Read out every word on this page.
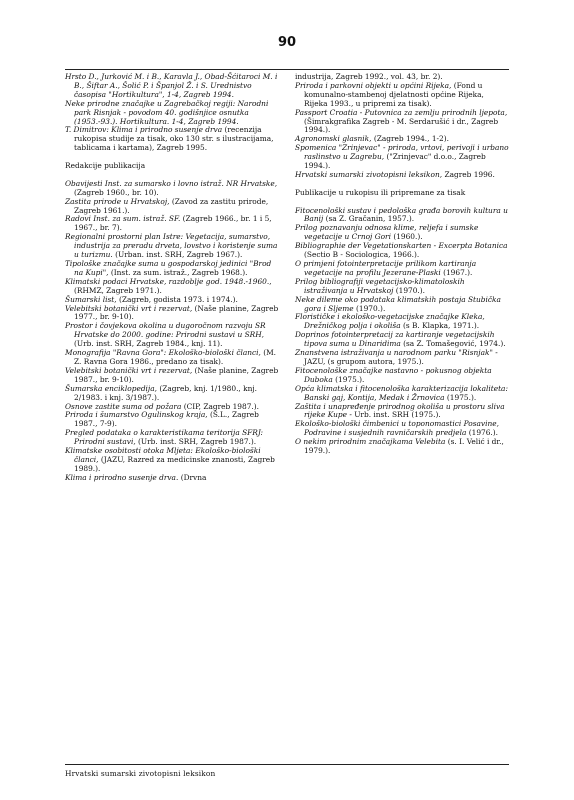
90

Hrsto D., Jurković M. i B., Karavla J., Obad-Šćitaroci M. i B., Šiftar A., Šolić P. i Španjol Ž. i S. Urednistvo časopisa "Hortikultura", 1-4, Zagreb 1994.

Neke prirodne značajke u Zagrebačkoj regiji: Narodni park Risnjak - povodom 40. godišnjice osnutka (1953.-93.). Hortikultura. 1-4, Zagreb 1994.

T. Dimitrov: Klima i prirodno susenje drva (recenzija rukopisa studije za tisak, oko 130 str. s ilustracijama, tablicama i kartama), Zagreb 1995.

Redakcije publikacija

Obavijesti Inst. za sumarsko i lovno istraž. NR Hrvatske, (Zagreb 1960., br. 10).

Zastita prirode u Hrvatskoj, (Zavod za zastitu prirode, Zagreb 1961.).

Radovi Inst. za sum. istraž. SF. (Zagreb 1966., br. 1 i 5, 1967., br. 7).

Regionalni prostorni plan Istre: Vegetacija, sumarstvo, industrija za preradu drveta, lovstvo i koristenje suma u turizmu. (Urban. inst. SRH, Zagreb 1967.).

Tipološke značajke suma u gospodarskoj jedinici "Brod na Kupi", (Inst. za sum. istraž., Zagreb 1968.).

Klimatski podaci Hrvatske, razdoblje god. 1948.-1960., (RHMZ, Zagreb 1971.).

Šumarski list, (Zagreb, godista 1973. i 1974.).

Velebitski botanički vrt i rezervat, (Naše planine, Zagreb 1977., br. 9-10).

Prostor i čovjekova okolina u dugoročnom razvoju SR Hrvatske do 2000. godine: Prirodni sustavi u SRH, (Urb. inst. SRH, Zagreb 1984., knj. 11).

Monografija "Ravna Gora": Ekološko-biološki članci, (M. Z. Ravna Gora 1986., predano za tisak).

Velebitski botanički vrt i rezervat, (Naše planine, Zagreb 1987., br. 9-10).

Šumarska enciklopedija, (Zagreb, knj. 1/1980., knj. 2/1983. i knj. 3/1987.).

Osnove zastite suma od požara (CIP, Zagreb 1987.).

Priroda i šumarstvo Ogulinskog kraja, (Š.L., Zagreb 1987., 7-9).

Pregled podataka o karakteristikama teritorija SFRJ: Prirodni sustavi, (Urb. inst. SRH, Zagreb 1987.).

Klimatske osobitosti otoka Mljeta: Ekološko-biološki članci, (JAZU, Razred za medicinske znanosti, Zagreb 1989.).

Klima i prirodno susenje drva. (Drvna

industrija, Zagreb 1992., vol. 43, br. 2).

Priroda i parkovni objekti u općini Rijeka, (Fond u komunalno-stambenoj djelatnosti općine Rijeka, Rijeka 1993., u pripremi za tisak).

Passport Croatia - Putovnica za zemlju prirodnih ljepota, (Šimrakgrafika Zagreb - M. Serdarušić i dr., Zagreb 1994.).

Agronomski glasnik, (Zagreb 1994., 1-2).

Spomenica "Zrinjevac" - priroda, vrtovi, perivoji i urbano raslinstvo u Zagrebu, ("Zrinjevac" d.o.o., Zagreb 1994.).

Hrvatski sumarski zivotopisni leksikon, Zagreb 1996.

Publikacije u rukopisu ili pripremane za tisak

Fitocenološki sustav i pedološka građa borovih kultura u Banij (sa Z. Gračanin, 1957.).

Prilog poznavanju odnosa klime, reljefa i sumske vegetacije u Crnoj Gori (1960.).

Bibliographie der Vegetationskarten - Excerpta Botanica (Sectio B - Sociologica, 1966.).

O primjeni fotointerpretacije prilikom kartiranja vegetacije na profilu Jezerane-Plaski (1967.).

Prilog bibliografiji vegetacijsko-klimatoloskih istraživanja u Hrvatskoj (1970.).

Neke dileme oko podataka klimatskih postaja Stubička gora i Sljeme (1970.).

Florističke i ekološko-vegetacijske značajke Kleka, Drežničkog polja i okoliša (s B. Klapka, 1971.).

Doprinos fotointerpretacij za kartiranje vegetacijskih tipova suma u Dinaridima (sa Z. Tomašegović, 1974.).

Znanstvena istraživanja u narodnom parku "Risnjak" - JAZU, (s grupom autora, 1975.).

Fitocenološke značajke nastavno - pokusnog objekta Duboka (1975.).

Opća klimatska i fitocenološka karakterizacija lokaliteta: Banski gaj, Kontija, Medak i Žrnovica (1975.).

Zaštita i unapređenje prirodnog okoliša u prostoru sliva rijeke Kupe - Urb. inst. SRH (1975.).

Ekološko-biološki čimbenici u toponomastici Posavine, Podravine i susjednih ravničarskih predjela (1976.).

O nekim prirodnim značajkama Velebita (s. I. Velić i dr., 1979.).

Hrvatski sumarski zivotopisni leksikon
